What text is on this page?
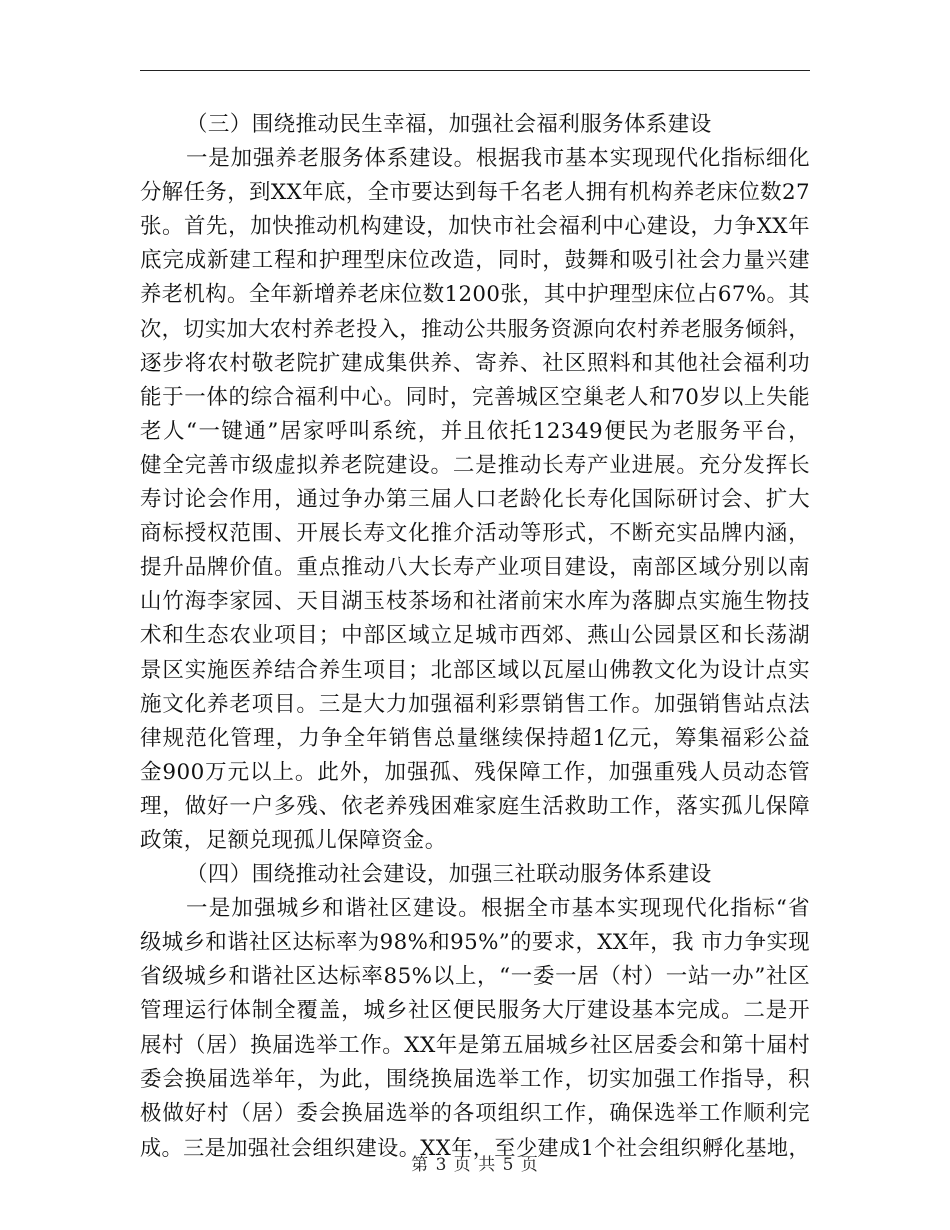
（三）围绕推动民生幸福，加强社会福利服务体系建设
一是加强养老服务体系建设。根据我市基本实现现代化指标细化
分解任务，到XX年底，全市要达到每千名老人拥有机构养老床位数27
张。首先，加快推动机构建设，加快市社会福利中心建设，力争XX年
底完成新建工程和护理型床位改造，同时，鼓舞和吸引社会力量兴建
养老机构。全年新增养老床位数1200张，其中护理型床位占67%。其
次，切实加大农村养老投入，推动公共服务资源向农村养老服务倾斜，
逐步将农村敬老院扩建成集供养、寄养、社区照料和其他社会福利功
能于一体的综合福利中心。同时，完善城区空巢老人和70岁以上失能
老人“一键通”居家呼叫系统，并且依托12349便民为老服务平台，
健全完善市级虚拟养老院建设。二是推动长寿产业进展。充分发挥长
寿讨论会作用，通过争办第三届人口老龄化长寿化国际研讨会、扩大
商标授权范围、开展长寿文化推介活动等形式，不断充实品牌内涵，
提升品牌价值。重点推动八大长寿产业项目建设，南部区域分别以南
山竹海李家园、天目湖玉枝茶场和社渚前宋水库为落脚点实施生物技
术和生态农业项目；中部区域立足城市西郊、燕山公园景区和长荡湖
景区实施医养结合养生项目；北部区域以瓦屋山佛教文化为设计点实
施文化养老项目。三是大力加强福利彩票销售工作。加强销售站点法
律规范化管理，力争全年销售总量继续保持超1亿元，筹集福彩公益
金900万元以上。此外，加强孤、残保障工作，加强重残人员动态管
理，做好一户多残、依老养残困难家庭生活救助工作，落实孤儿保障
政策，足额兑现孤儿保障资金。
（四）围绕推动社会建设，加强三社联动服务体系建设
一是加强城乡和谐社区建设。根据全市基本实现现代化指标“省
级城乡和谐社区达标率为98%和95%”的要求，XX年，我 市力争实现
省级城乡和谐社区达标率85%以上，“一委一居（村）一站一办”社区
管理运行体制全覆盖，城乡社区便民服务大厅建设基本完成。二是开
展村（居）换届选举工作。XX年是第五届城乡社区居委会和第十届村
委会换届选举年，为此，围绕换届选举工作，切实加强工作指导，积
极做好村（居）委会换届选举的各项组织工作，确保选举工作顺利完
成。三是加强社会组织建设。XX年，至少建成1个社会组织孵化基地，
第 3 页 共 5 页
